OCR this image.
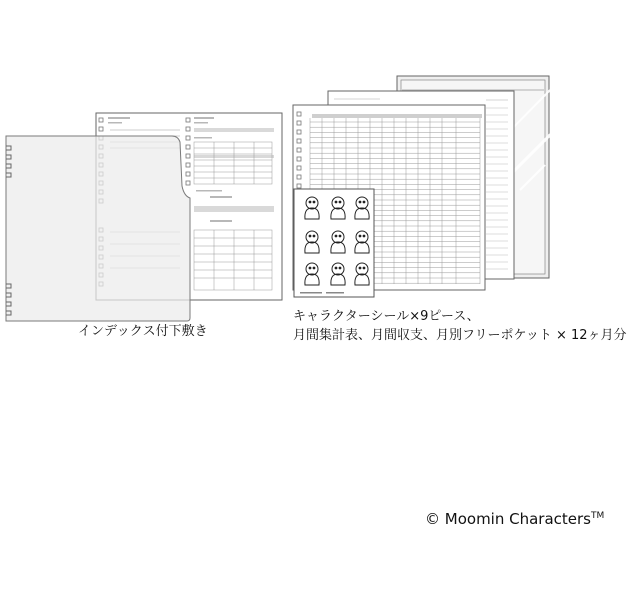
インデックス付下敷き
キャラクターシール×9ピース、
月間集計表、月間収支、月別フリーポケット × 12ヶ月分
© Moomin Characters™
